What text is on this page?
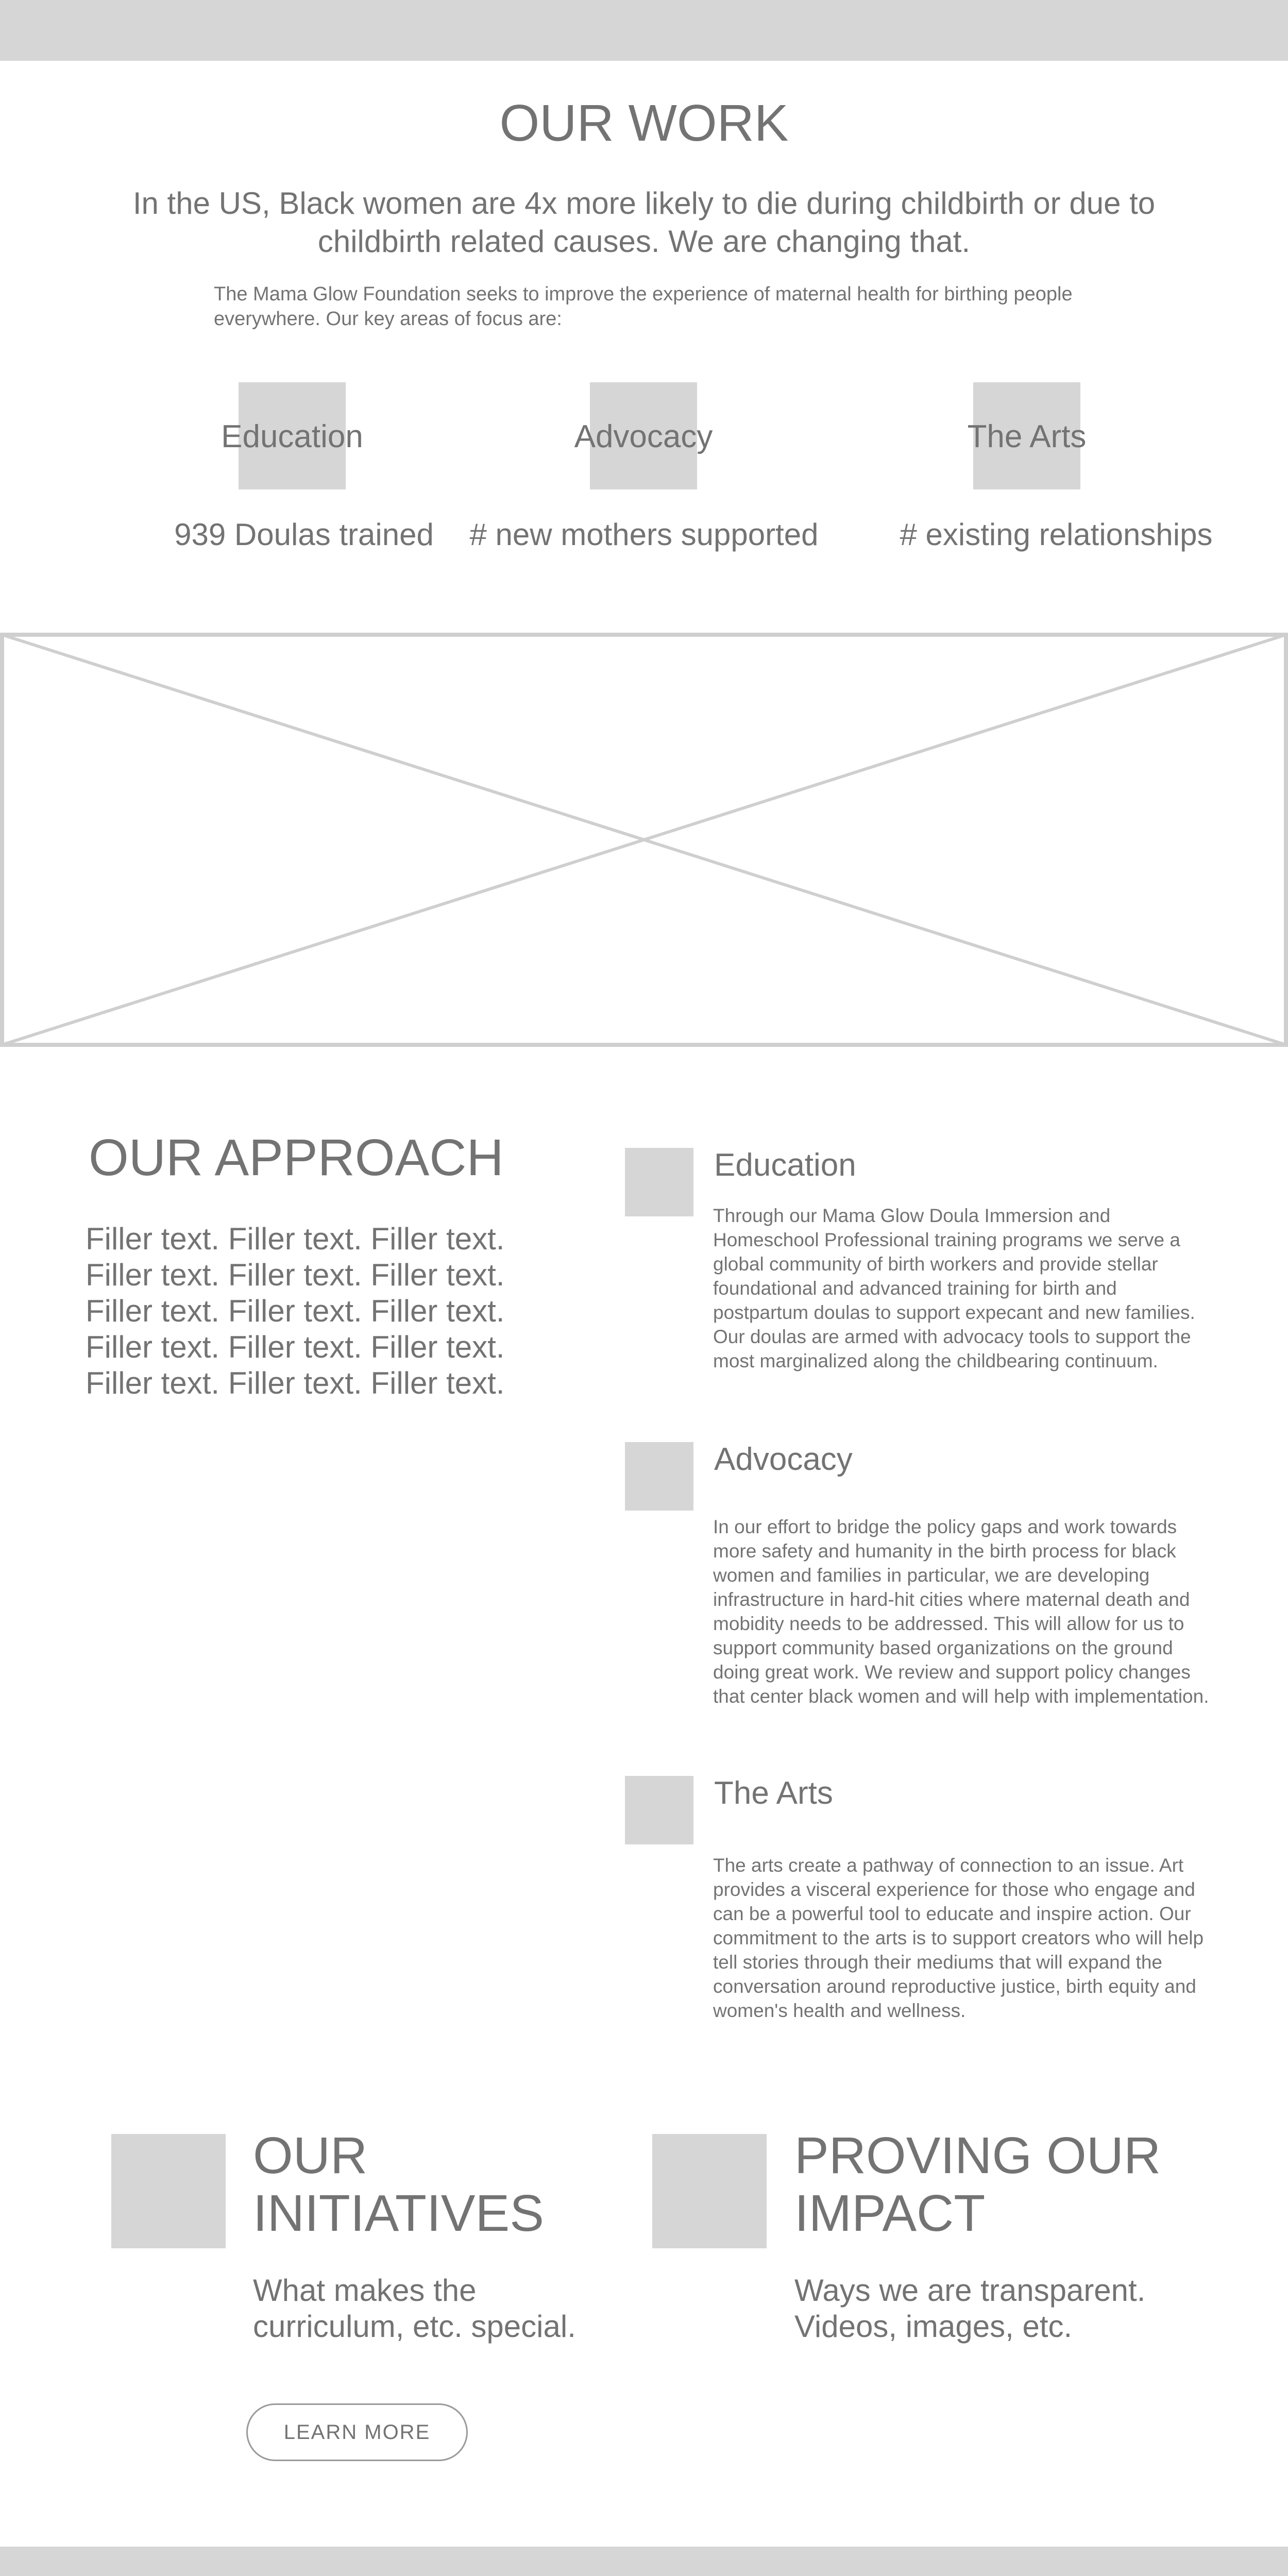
OUR WORK
In the US, Black women are 4x more likely to die during childbirth or due to childbirth related causes. We are changing that.
The Mama Glow Foundation seeks to improve the experience of maternal health for birthing people everywhere. Our key areas of focus are:
Education	Advocacy	The Arts
939 Doulas trained	# new mothers supported	# existing relationships
OUR APPROACH
Filler text. Filler text. Filler text. Filler text. Filler text. Filler text. Filler text. Filler text. Filler text. Filler text. Filler text. Filler text. Filler text. Filler text. Filler text.
Education
Through our Mama Glow Doula Immersion and Homeschool Professional training programs we serve a global community of birth workers and provide stellar foundational and advanced training for birth and postpartum doulas to support expecant and new families. Our doulas are armed with advocacy tools to support the most marginalized along the childbearing continuum.
Advocacy
In our effort to bridge the policy gaps and work towards more safety and humanity in the birth process for black women and families in particular, we are developing infrastructure in hard-hit cities where maternal death and mobidity needs to be addressed. This will allow for us to support community based organizations on the ground doing great work. We review and support policy changes that center black women and will help with implementation.
The Arts
The arts create a pathway of connection to an issue. Art provides a visceral experience for those who engage and can be a powerful tool to educate and inspire action. Our commitment to the arts is to support creators who will help tell stories through their mediums that will expand the conversation around reproductive justice, birth equity and women's health and wellness.
OUR INITIATIVES
What makes the curriculum, etc. special.
LEARN MORE
PROVING OUR IMPACT
Ways we are transparent. Videos, images, etc.
